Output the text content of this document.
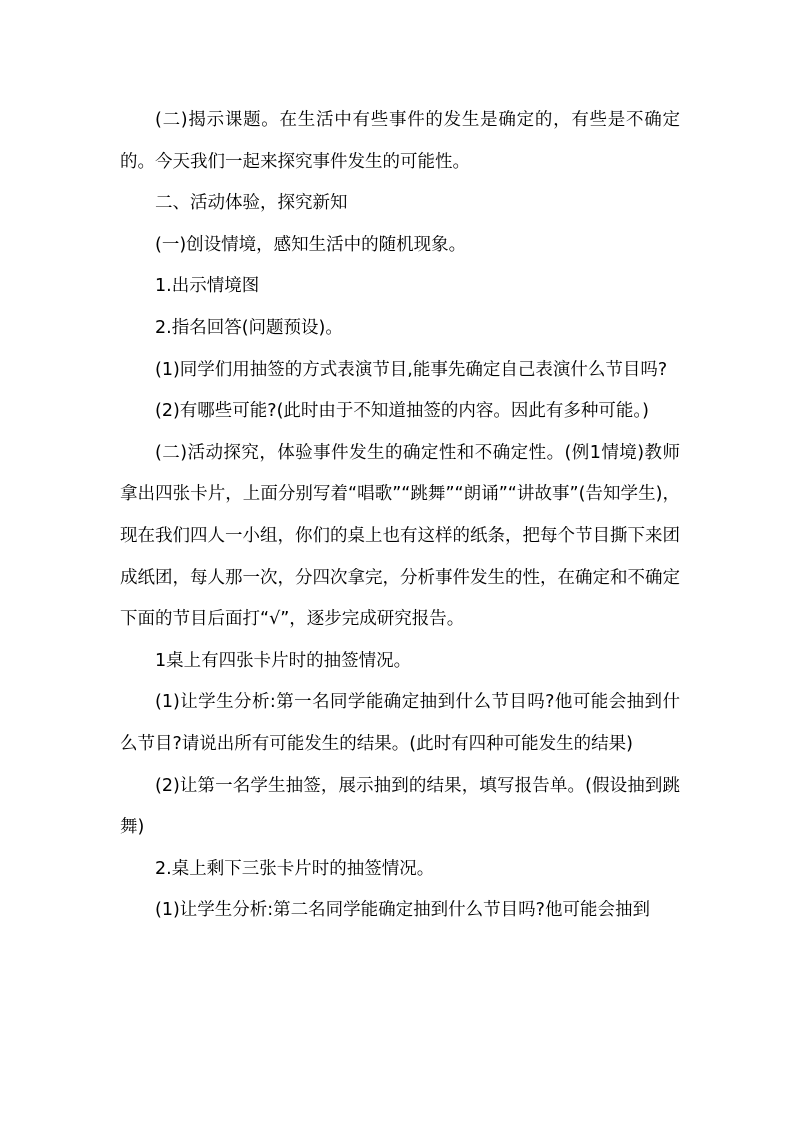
(二)揭示课题。在生活中有些事件的发生是确定的，有些是不确定的。今天我们一起来探究事件发生的可能性。

二、活动体验，探究新知

(一)创设情境，感知生活中的随机现象。

1.出示情境图

2.指名回答(问题预设)。

(1)同学们用抽签的方式表演节目,能事先确定自己表演什么节目吗?

(2)有哪些可能?(此时由于不知道抽签的内容。因此有多种可能。)

(二)活动探究，体验事件发生的确定性和不确定性。(例1情境)教师拿出四张卡片，上面分别写着“唱歌”“跳舞”“朗诵”“讲故事”(告知学生)，现在我们四人一小组，你们的桌上也有这样的纸条，把每个节目撕下来团成纸团，每人那一次，分四次拿完，分析事件发生的性，在确定和不确定下面的节目后面打“√”，逐步完成研究报告。

1桌上有四张卡片时的抽签情况。

(1)让学生分析:第一名同学能确定抽到什么节目吗?他可能会抽到什么节目?请说出所有可能发生的结果。(此时有四种可能发生的结果)

(2)让第一名学生抽签，展示抽到的结果，填写报告单。(假设抽到跳舞)

2.桌上剩下三张卡片时的抽签情况。

(1)让学生分析:第二名同学能确定抽到什么节目吗?他可能会抽到
